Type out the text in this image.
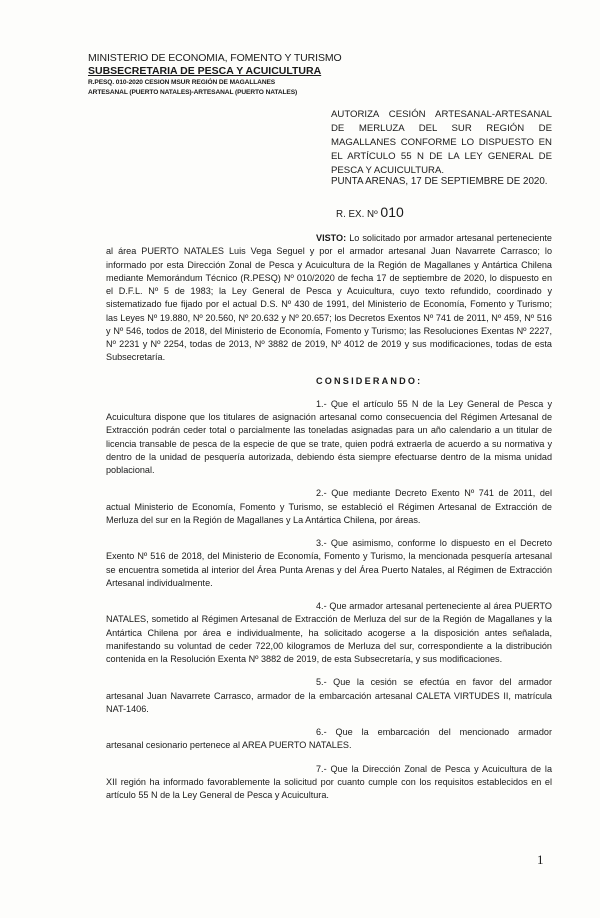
MINISTERIO DE ECONOMIA, FOMENTO Y TURISMO
SUBSECRETARIA DE PESCA Y ACUICULTURA
R.PESQ. 010-2020 CESION MSUR REGIÓN DE MAGALLANES
ARTESANAL (PUERTO NATALES)-ARTESANAL (PUERTO NATALES)
AUTORIZA CESIÓN ARTESANAL-ARTESANAL DE MERLUZA DEL SUR REGIÓN DE MAGALLANES CONFORME LO DISPUESTO EN EL ARTÍCULO 55 N DE LA LEY GENERAL DE PESCA Y ACUICULTURA.
PUNTA ARENAS, 17 DE SEPTIEMBRE DE 2020.
R. EX. Nº 010

VISTO: Lo solicitado por armador artesanal perteneciente al área PUERTO NATALES Luis Vega Seguel y por el armador artesanal Juan Navarrete Carrasco; lo informado por esta Dirección Zonal de Pesca y Acuicultura de la Región de Magallanes y Antártica Chilena mediante Memorándum Técnico (R.PESQ) Nº 010/2020 de fecha 17 de septiembre de 2020, lo dispuesto en el D.F.L. Nº 5 de 1983; la Ley General de Pesca y Acuicultura, cuyo texto refundido, coordinado y sistematizado fue fijado por el actual D.S. Nº 430 de 1991, del Ministerio de Economía, Fomento y Turismo; las Leyes Nº 19.880, Nº 20.560, Nº 20.632 y Nº 20.657; los Decretos Exentos Nº 741 de 2011, Nº 459, Nº 516 y Nº 546, todos de 2018, del Ministerio de Economía, Fomento y Turismo; las Resoluciones Exentas Nº 2227, Nº 2231 y Nº 2254, todas de 2013, Nº 3882 de 2019, Nº 4012 de 2019 y sus modificaciones, todas de esta Subsecretaría.

CONSIDERANDO:

1.- Que el artículo 55 N de la Ley General de Pesca y Acuicultura dispone que los titulares de asignación artesanal como consecuencia del Régimen Artesanal de Extracción podrán ceder total o parcialmente las toneladas asignadas para un año calendario a un titular de licencia transable de pesca de la especie de que se trate, quien podrá extraerla de acuerdo a su normativa y dentro de la unidad de pesquería autorizada, debiendo ésta siempre efectuarse dentro de la misma unidad poblacional.

2.- Que mediante Decreto Exento Nº 741 de 2011, del actual Ministerio de Economía, Fomento y Turismo, se estableció el Régimen Artesanal de Extracción de Merluza del sur en la Región de Magallanes y La Antártica Chilena, por áreas.

3.- Que asimismo, conforme lo dispuesto en el Decreto Exento Nº 516 de 2018, del Ministerio de Economía, Fomento y Turismo, la mencionada pesquería artesanal se encuentra sometida al interior del Área Punta Arenas y del Área Puerto Natales, al Régimen de Extracción Artesanal individualmente.

4.- Que armador artesanal perteneciente al área PUERTO NATALES, sometido al Régimen Artesanal de Extracción de Merluza del sur de la Región de Magallanes y la Antártica Chilena por área e individualmente, ha solicitado acogerse a la disposición antes señalada, manifestando su voluntad de ceder 722,00 kilogramos de Merluza del sur, correspondiente a la distribución contenida en la Resolución Exenta Nº 3882 de 2019, de esta Subsecretaría, y sus modificaciones.

5.- Que la cesión se efectúa en favor del armador artesanal Juan Navarrete Carrasco, armador de la embarcación artesanal CALETA VIRTUDES II, matrícula NAT-1406.

6.- Que la embarcación del mencionado armador artesanal cesionario pertenece al AREA PUERTO NATALES.

7.- Que la Dirección Zonal de Pesca y Acuicultura de la XII región ha informado favorablemente la solicitud por cuanto cumple con los requisitos establecidos en el artículo 55 N de la Ley General de Pesca y Acuicultura.

1
